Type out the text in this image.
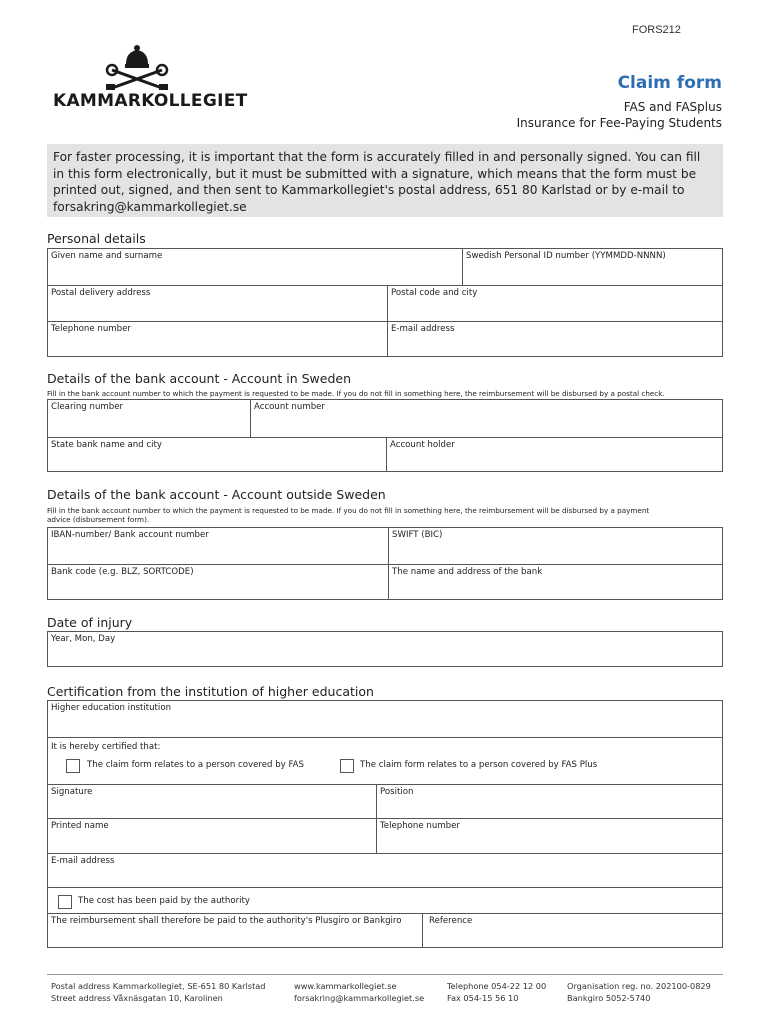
FORS212
KAMMARKOLLEGIET
Claim form
FAS and FASplus
Insurance for Fee-Paying Students
For faster processing, it is important that the form is accurately filled in and personally signed. You can fill
in this form electronically, but it must be submitted with a signature, which means that the form must be
printed out, signed, and then sent to Kammarkollegiet's postal address, 651 80 Karlstad or by e-mail to
forsakring@kammarkollegiet.se
Personal details
Given name and surname	Swedish Personal ID number (YYMMDD-NNNN)
Postal delivery address	Postal code and city
Telephone number	E-mail address
Details of the bank account - Account in Sweden
Fill in the bank account number to which the payment is requested to be made. If you do not fill in something here, the reimbursement will be disbursed by a postal check.
Clearing number	Account number
State bank name and city	Account holder
Details of the bank account - Account outside Sweden
Fill in the bank account number to which the payment is requested to be made. If you do not fill in something here, the reimbursement will be disbursed by a payment
advice (disbursement form).
IBAN-number/ Bank account number	SWIFT (BIC)
Bank code (e.g. BLZ, SORTCODE)	The name and address of the bank
Date of injury
Year, Mon, Day
Certification from the institution of higher education
Higher education institution
It is hereby certified that:
The claim form relates to a person covered by FAS	The claim form relates to a person covered by FAS Plus
Signature	Position
Printed name	Telephone number
E-mail address
The cost has been paid by the authority
The reimbursement shall therefore be paid to the authority's Plusgiro or Bankgiro	Reference
Postal address Kammarkollegiet, SE-651 80 Karlstad
Street address Våxnäsgatan 10, Karolinen
www.kammarkollegiet.se
forsakring@kammarkollegiet.se
Telephone 054-22 12 00
Fax 054-15 56 10
Organisation reg. no. 202100-0829
Bankgiro 5052-5740
